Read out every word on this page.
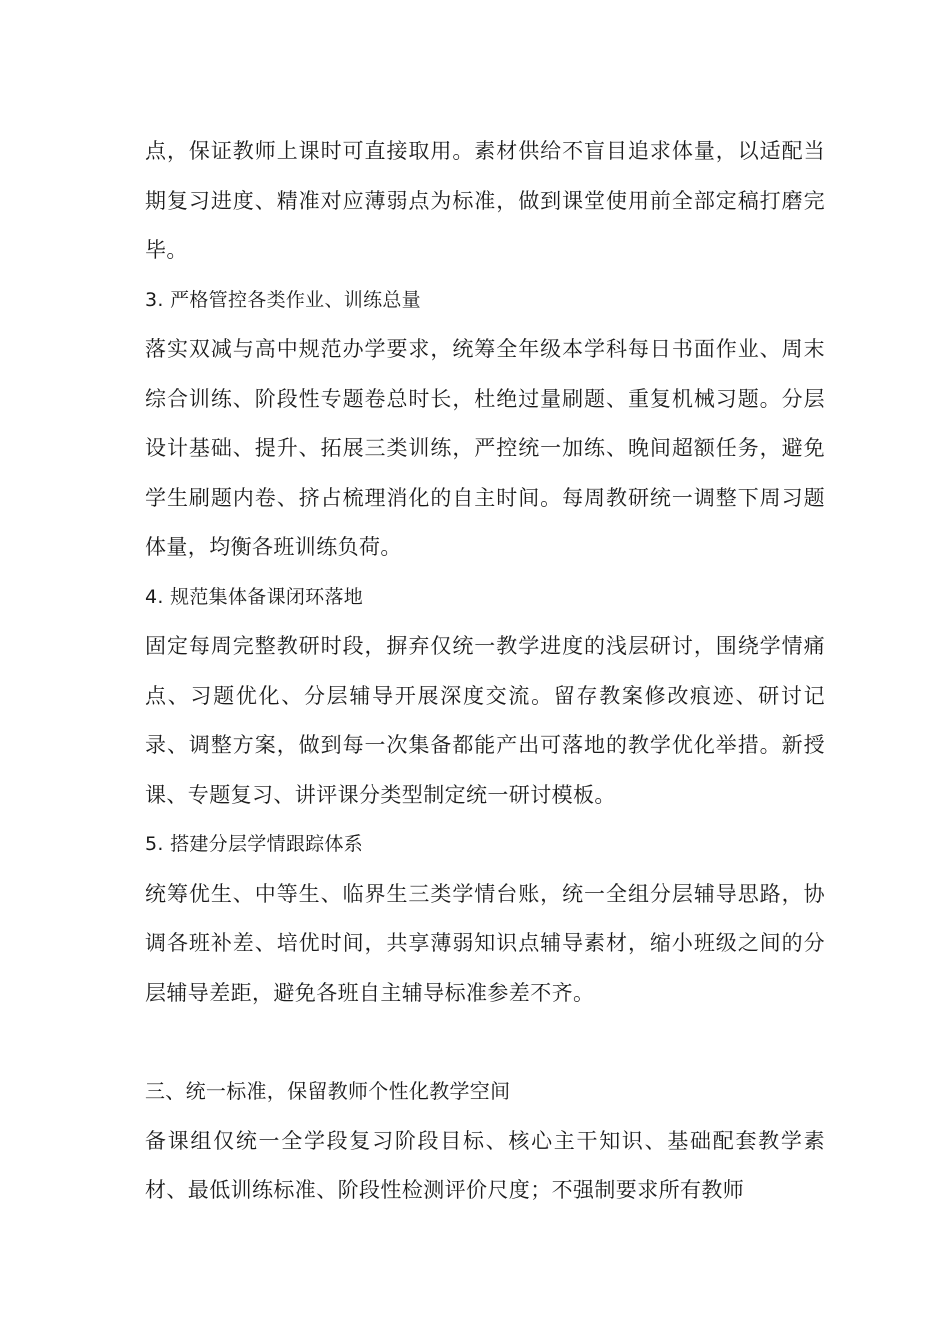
点，保证教师上课时可直接取用。素材供给不盲目追求体量，以适配当期复习进度、精准对应薄弱点为标准，做到课堂使用前全部定稿打磨完毕。

3. 严格管控各类作业、训练总量

落实双减与高中规范办学要求，统筹全年级本学科每日书面作业、周末综合训练、阶段性专题卷总时长，杜绝过量刷题、重复机械习题。分层设计基础、提升、拓展三类训练，严控统一加练、晚间超额任务，避免学生刷题内卷、挤占梳理消化的自主时间。每周教研统一调整下周习题体量，均衡各班训练负荷。

4. 规范集体备课闭环落地

固定每周完整教研时段，摒弃仅统一教学进度的浅层研讨，围绕学情痛点、习题优化、分层辅导开展深度交流。留存教案修改痕迹、研讨记录、调整方案，做到每一次集备都能产出可落地的教学优化举措。新授课、专题复习、讲评课分类型制定统一研讨模板。

5. 搭建分层学情跟踪体系

统筹优生、中等生、临界生三类学情台账，统一全组分层辅导思路，协调各班补差、培优时间，共享薄弱知识点辅导素材，缩小班级之间的分层辅导差距，避免各班自主辅导标准参差不齐。

三、统一标准，保留教师个性化教学空间

备课组仅统一全学段复习阶段目标、核心主干知识、基础配套教学素材、最低训练标准、阶段性检测评价尺度；不强制要求所有教师
